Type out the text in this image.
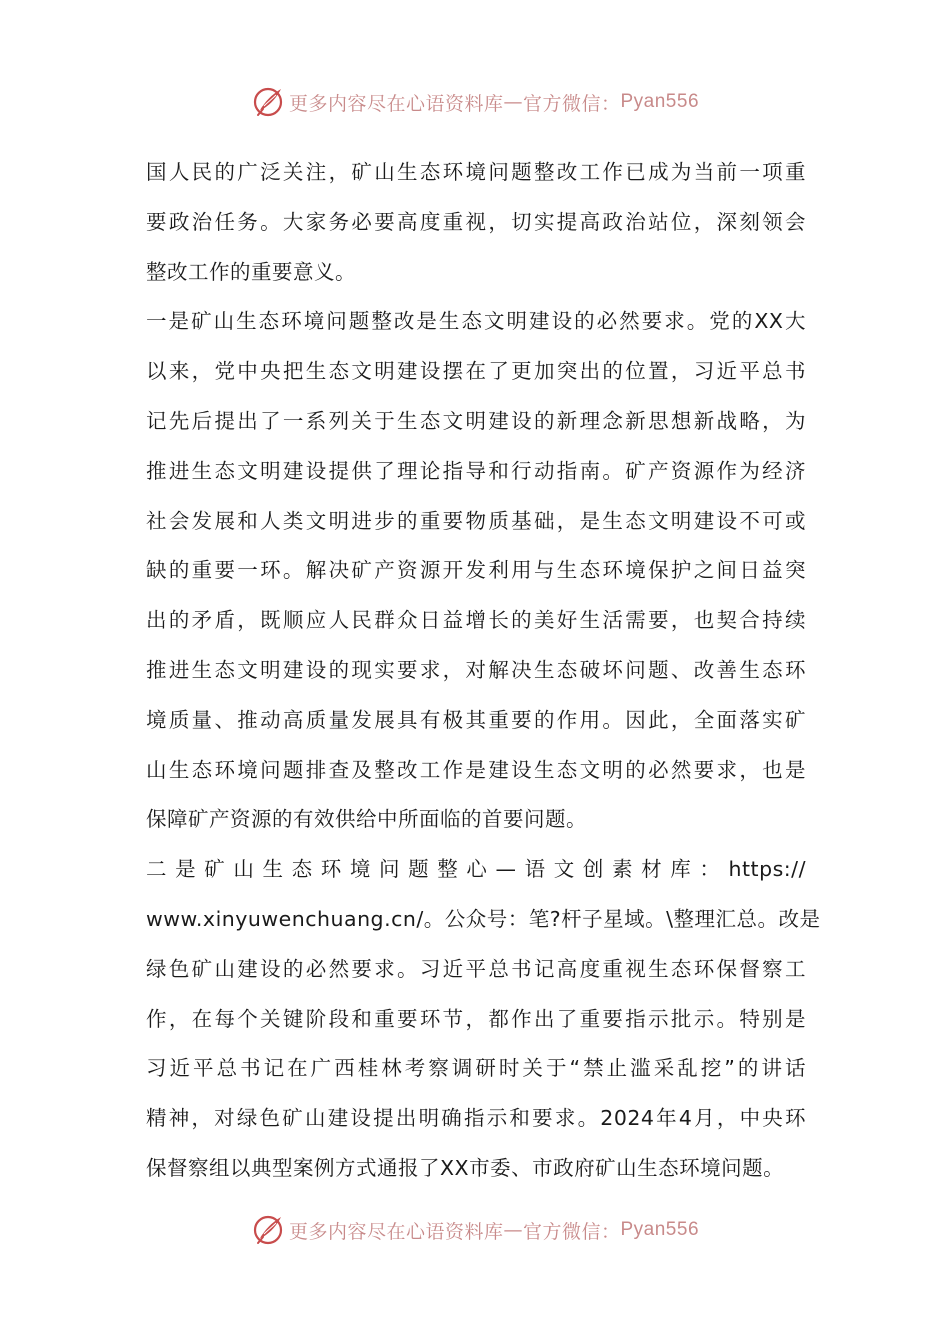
更多内容尽在心语资料库 — 官方微信： Pyan556
国人民的广泛关注，矿山生态环境问题整改工作已成为当前一项重
要政治任务。大家务必要高度重视，切实提高政治站位，深刻领会
整改工作的重要意义。
一是矿山生态环境问题整改是生态文明建设的必然要求。党的XX大
以来，党中央把生态文明建设摆在了更加突出的位置，习近平总书
记先后提出了一系列关于生态文明建设的新理念新思想新战略，为
推进生态文明建设提供了理论指导和行动指南。矿产资源作为经济
社会发展和人类文明进步的重要物质基础，是生态文明建设不可或
缺的重要一环。解决矿产资源开发利用与生态环境保护之间日益突
出的矛盾，既顺应人民群众日益增长的美好生活需要，也契合持续
推进生态文明建设的现实要求，对解决生态破坏问题、改善生态环
境质量、推动高质量发展具有极其重要的作用。因此，全面落实矿
山生态环境问题排查及整改工作是建设生态文明的必然要求，也是
保障矿产资源的有效供给中所面临的首要问题。
二是矿山生态环境问题整心—语文创素材库：https://
www.xinyuwenchuang.cn/。公众号：笔?杆子星域。\整理汇总。改是
绿色矿山建设的必然要求。习近平总书记高度重视生态环保督察工
作，在每个关键阶段和重要环节，都作出了重要指示批示。特别是
习近平总书记在广西桂林考察调研时关于“禁止滥采乱挖”的讲话
精神，对绿色矿山建设提出明确指示和要求。2024年4月，中央环
保督察组以典型案例方式通报了XX市委、市政府矿山生态环境问题。
更多内容尽在心语资料库 — 官方微信： Pyan556
